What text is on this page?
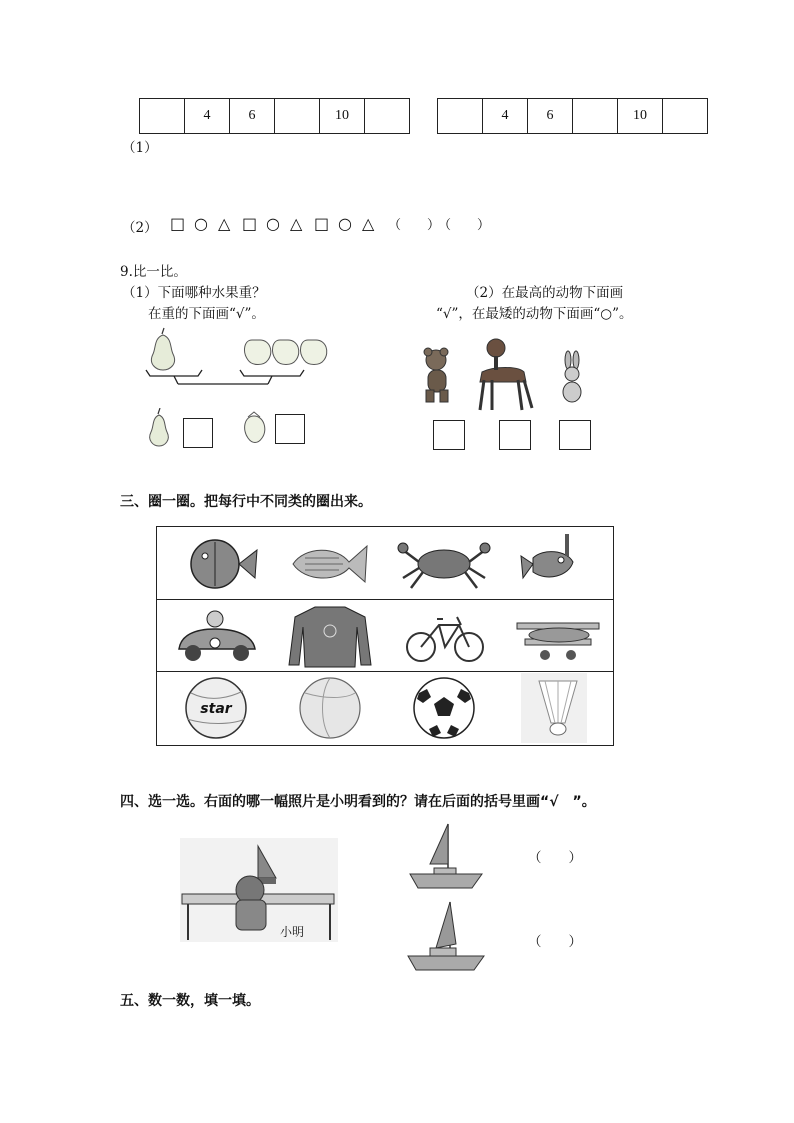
	4	6		10	
		4	6		10	
（1）
（2） □ ○ △ □ ○ △ □ ○ △ （　　）
（　　）
9.比一比。
（1）下面哪种水果重？
在重的下面画“√”。
（2）在最高的动物下面画
“√”，在最矮的动物下面画“○”。
三、圈一圈。把每行中不同类的圈出来。
star
四、选一选。右面的哪一幅照片是小明看到的？请在后面的括号里画“√　”。
小明
（　　）
（　　）
五、数一数，填一填。
